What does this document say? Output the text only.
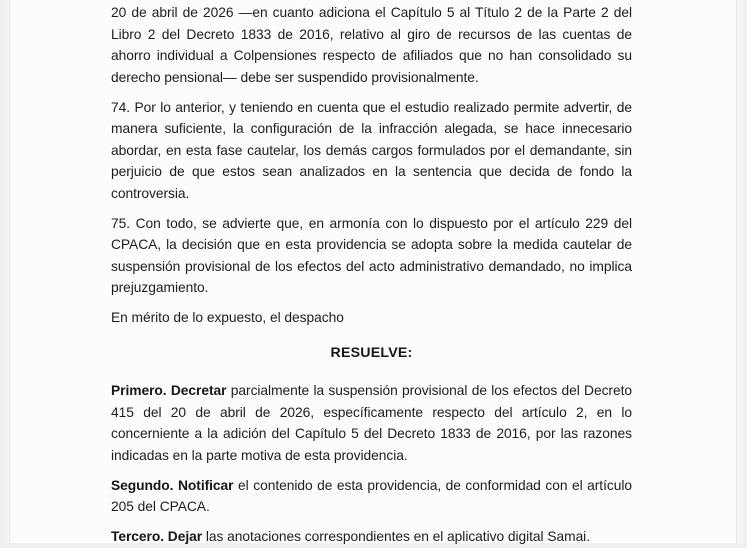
20 de abril de 2026 —en cuanto adiciona el Capítulo 5 al Título 2 de la Parte 2 del Libro 2 del Decreto 1833 de 2016, relativo al giro de recursos de las cuentas de ahorro individual a Colpensiones respecto de afiliados que no han consolidado su derecho pensional— debe ser suspendido provisionalmente.

74. Por lo anterior, y teniendo en cuenta que el estudio realizado permite advertir, de manera suficiente, la configuración de la infracción alegada, se hace innecesario abordar, en esta fase cautelar, los demás cargos formulados por el demandante, sin perjuicio de que estos sean analizados en la sentencia que decida de fondo la controversia.

75. Con todo, se advierte que, en armonía con lo dispuesto por el artículo 229 del CPACA, la decisión que en esta providencia se adopta sobre la medida cautelar de suspensión provisional de los efectos del acto administrativo demandado, no implica prejuzgamiento.

En mérito de lo expuesto, el despacho

RESUELVE:

Primero. Decretar parcialmente la suspensión provisional de los efectos del Decreto 415 del 20 de abril de 2026, específicamente respecto del artículo 2, en lo concerniente a la adición del Capítulo 5 del Decreto 1833 de 2016, por las razones indicadas en la parte motiva de esta providencia.

Segundo. Notificar el contenido de esta providencia, de conformidad con el artículo 205 del CPACA.

Tercero. Dejar las anotaciones correspondientes en el aplicativo digital Samai.
